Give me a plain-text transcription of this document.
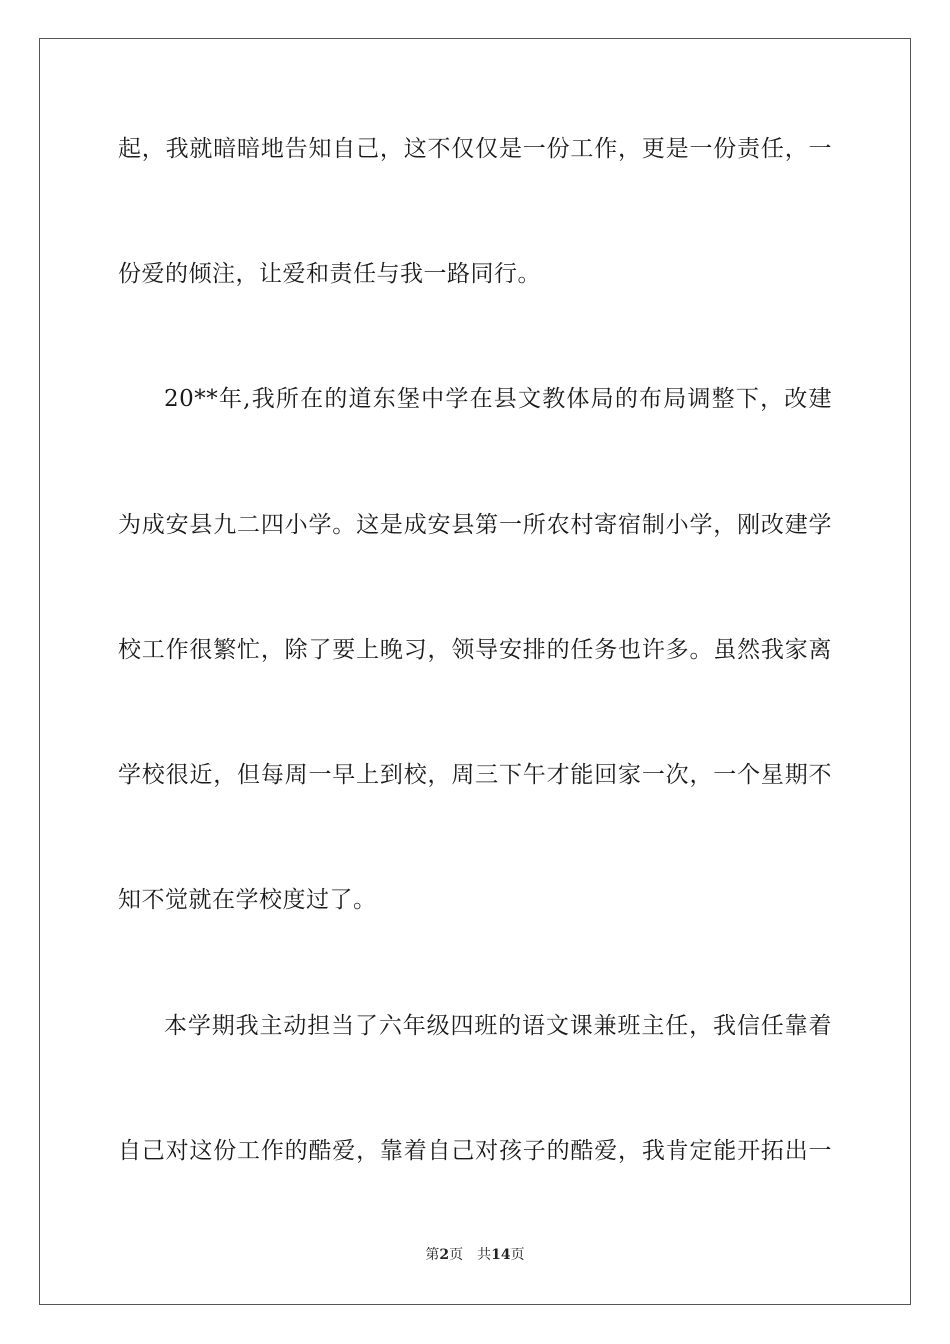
起，我就暗暗地告知自己，这不仅仅是一份工作，更是一份责任，一
份爱的倾注，让爱和责任与我一路同行。
20**年,我所在的道东堡中学在县文教体局的布局调整下，改建
为成安县九二四小学。这是成安县第一所农村寄宿制小学，刚改建学
校工作很繁忙，除了要上晚习，领导安排的任务也许多。虽然我家离
学校很近，但每周一早上到校，周三下午才能回家一次，一个星期不
知不觉就在学校度过了。
本学期我主动担当了六年级四班的语文课兼班主任，我信任靠着
自己对这份工作的酷爱，靠着自己对孩子的酷爱，我肯定能开拓出一
第2页 共14页
